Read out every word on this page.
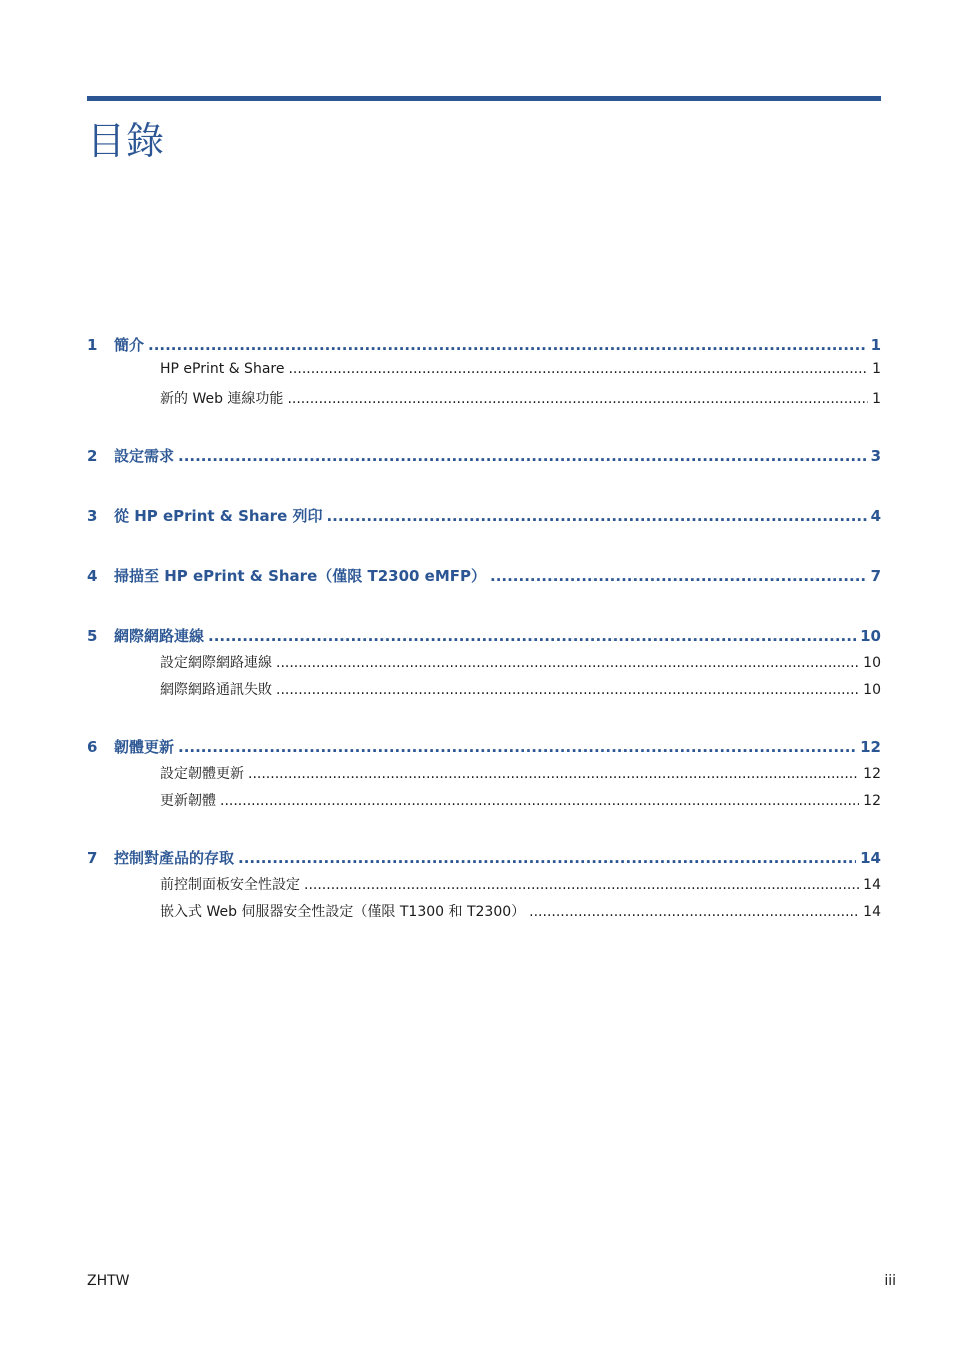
目錄
1	簡介 .....	1
HP ePrint & Share .....	1
新的 Web 連線功能 .....	1
2	設定需求 .....	3
3	從 HP ePrint & Share 列印 .....	4
4	掃描至 HP ePrint & Share（僅限 T2300 eMFP） .....	7
5	網際網路連線 .....	10
設定網際網路連線 .....	10
網際網路通訊失敗 .....	10
6	韌體更新 .....	12
設定韌體更新 .....	12
更新韌體 .....	12
7	控制對產品的存取 .....	14
前控制面板安全性設定 .....	14
嵌入式 Web 伺服器安全性設定（僅限 T1300 和 T2300） .....	14
ZHTW	iii
